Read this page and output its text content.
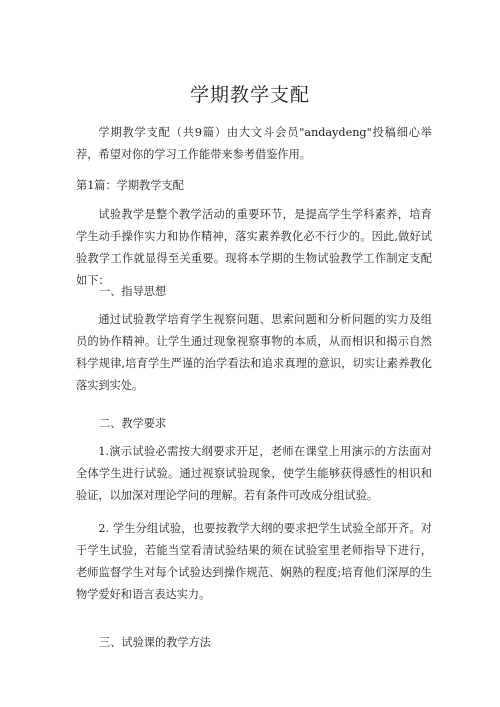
学期教学支配

学期教学支配（共9篇）由大文斗会员"andaydeng"投稿细心举荐，希望对你的学习工作能带来参考借鉴作用。

第1篇：学期教学支配

试验教学是整个教学活动的重要环节，是提高学生学科素养，培育学生动手操作实力和协作精神，落实素养教化必不行少的。因此,做好试验教学工作就显得至关重要。现将本学期的生物试验教学工作制定支配如下：

一、指导思想

通过试验教学培育学生视察问题、思索问题和分析问题的实力及组员的协作精神。让学生通过现象视察事物的本质，从而相识和揭示自然科学规律,培育学生严谨的治学看法和追求真理的意识，切实让素养教化落实到实处。

二、教学要求

1.演示试验必需按大纲要求开足，老师在课堂上用演示的方法面对全体学生进行试验。通过视察试验现象，使学生能够获得感性的相识和验证，以加深对理论学问的理解。若有条件可改成分组试验。

2. 学生分组试验，也要按教学大纲的要求把学生试验全部开齐。对于学生试验，若能当堂看清试验结果的须在试验室里老师指导下进行，老师监督学生对每个试验达到操作规范、娴熟的程度;培育他们深厚的生物学爱好和语言表达实力。

三、试验课的教学方法
